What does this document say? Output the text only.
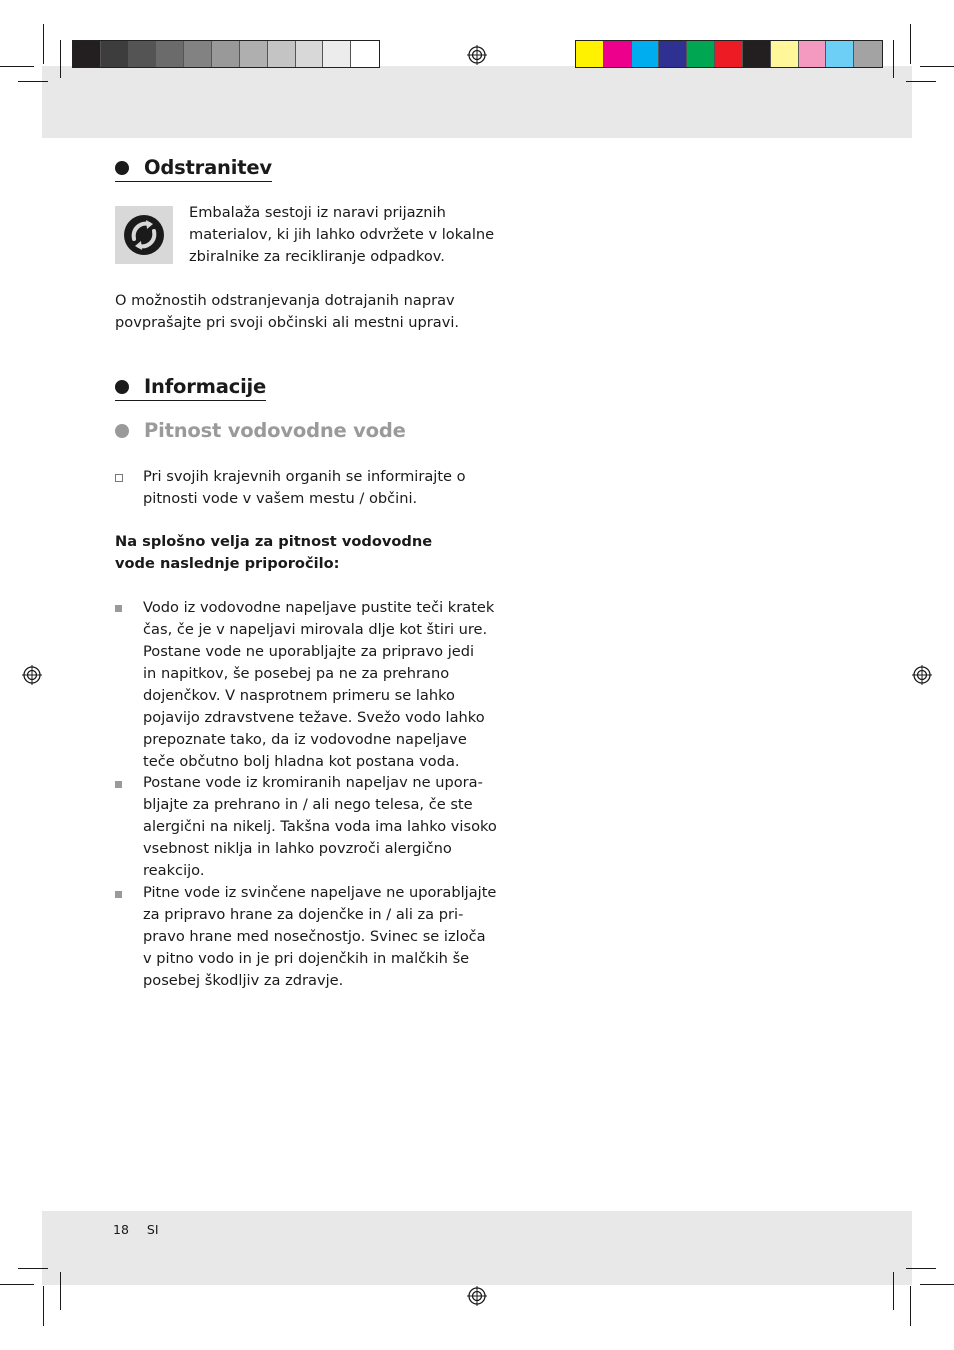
Odstranitev
Embalaža sestoji iz naravi prijaznih
materialov, ki jih lahko odvržete v lokalne
zbiralnike za recikliranje odpadkov.
O možnostih odstranjevanja dotrajanih naprav
povprašajte pri svoji občinski ali mestni upravi.
Informacije
Pitnost vodovodne vode
Pri svojih krajevnih organih se informirajte o
pitnosti vode v vašem mestu / občini.
Na splošno velja za pitnost vodovodne
vode naslednje priporočilo:
Vodo iz vodovodne napeljave pustite teči kratek
čas, če je v napeljavi mirovala dlje kot štiri ure.
Postane vode ne uporabljajte za pripravo jedi
in napitkov, še posebej pa ne za prehrano
dojenčkov. V nasprotnem primeru se lahko
pojavijo zdravstvene težave. Svežo vodo lahko
prepoznate tako, da iz vodovodne napeljave
teče občutno bolj hladna kot postana voda.
Postane vode iz kromiranih napeljav ne upora-
bljajte za prehrano in / ali nego telesa, če ste
alergični na nikelj. Takšna voda ima lahko visoko
vsebnost niklja in lahko povzroči alergično
reakcijo.
Pitne vode iz svinčene napeljave ne uporabljajte
za pripravo hrane za dojenčke in / ali za pri-
pravo hrane med nosečnostjo. Svinec se izloča
v pitno vodo in je pri dojenčkih in malčkih še
posebej škodljiv za zdravje.
18 SI
